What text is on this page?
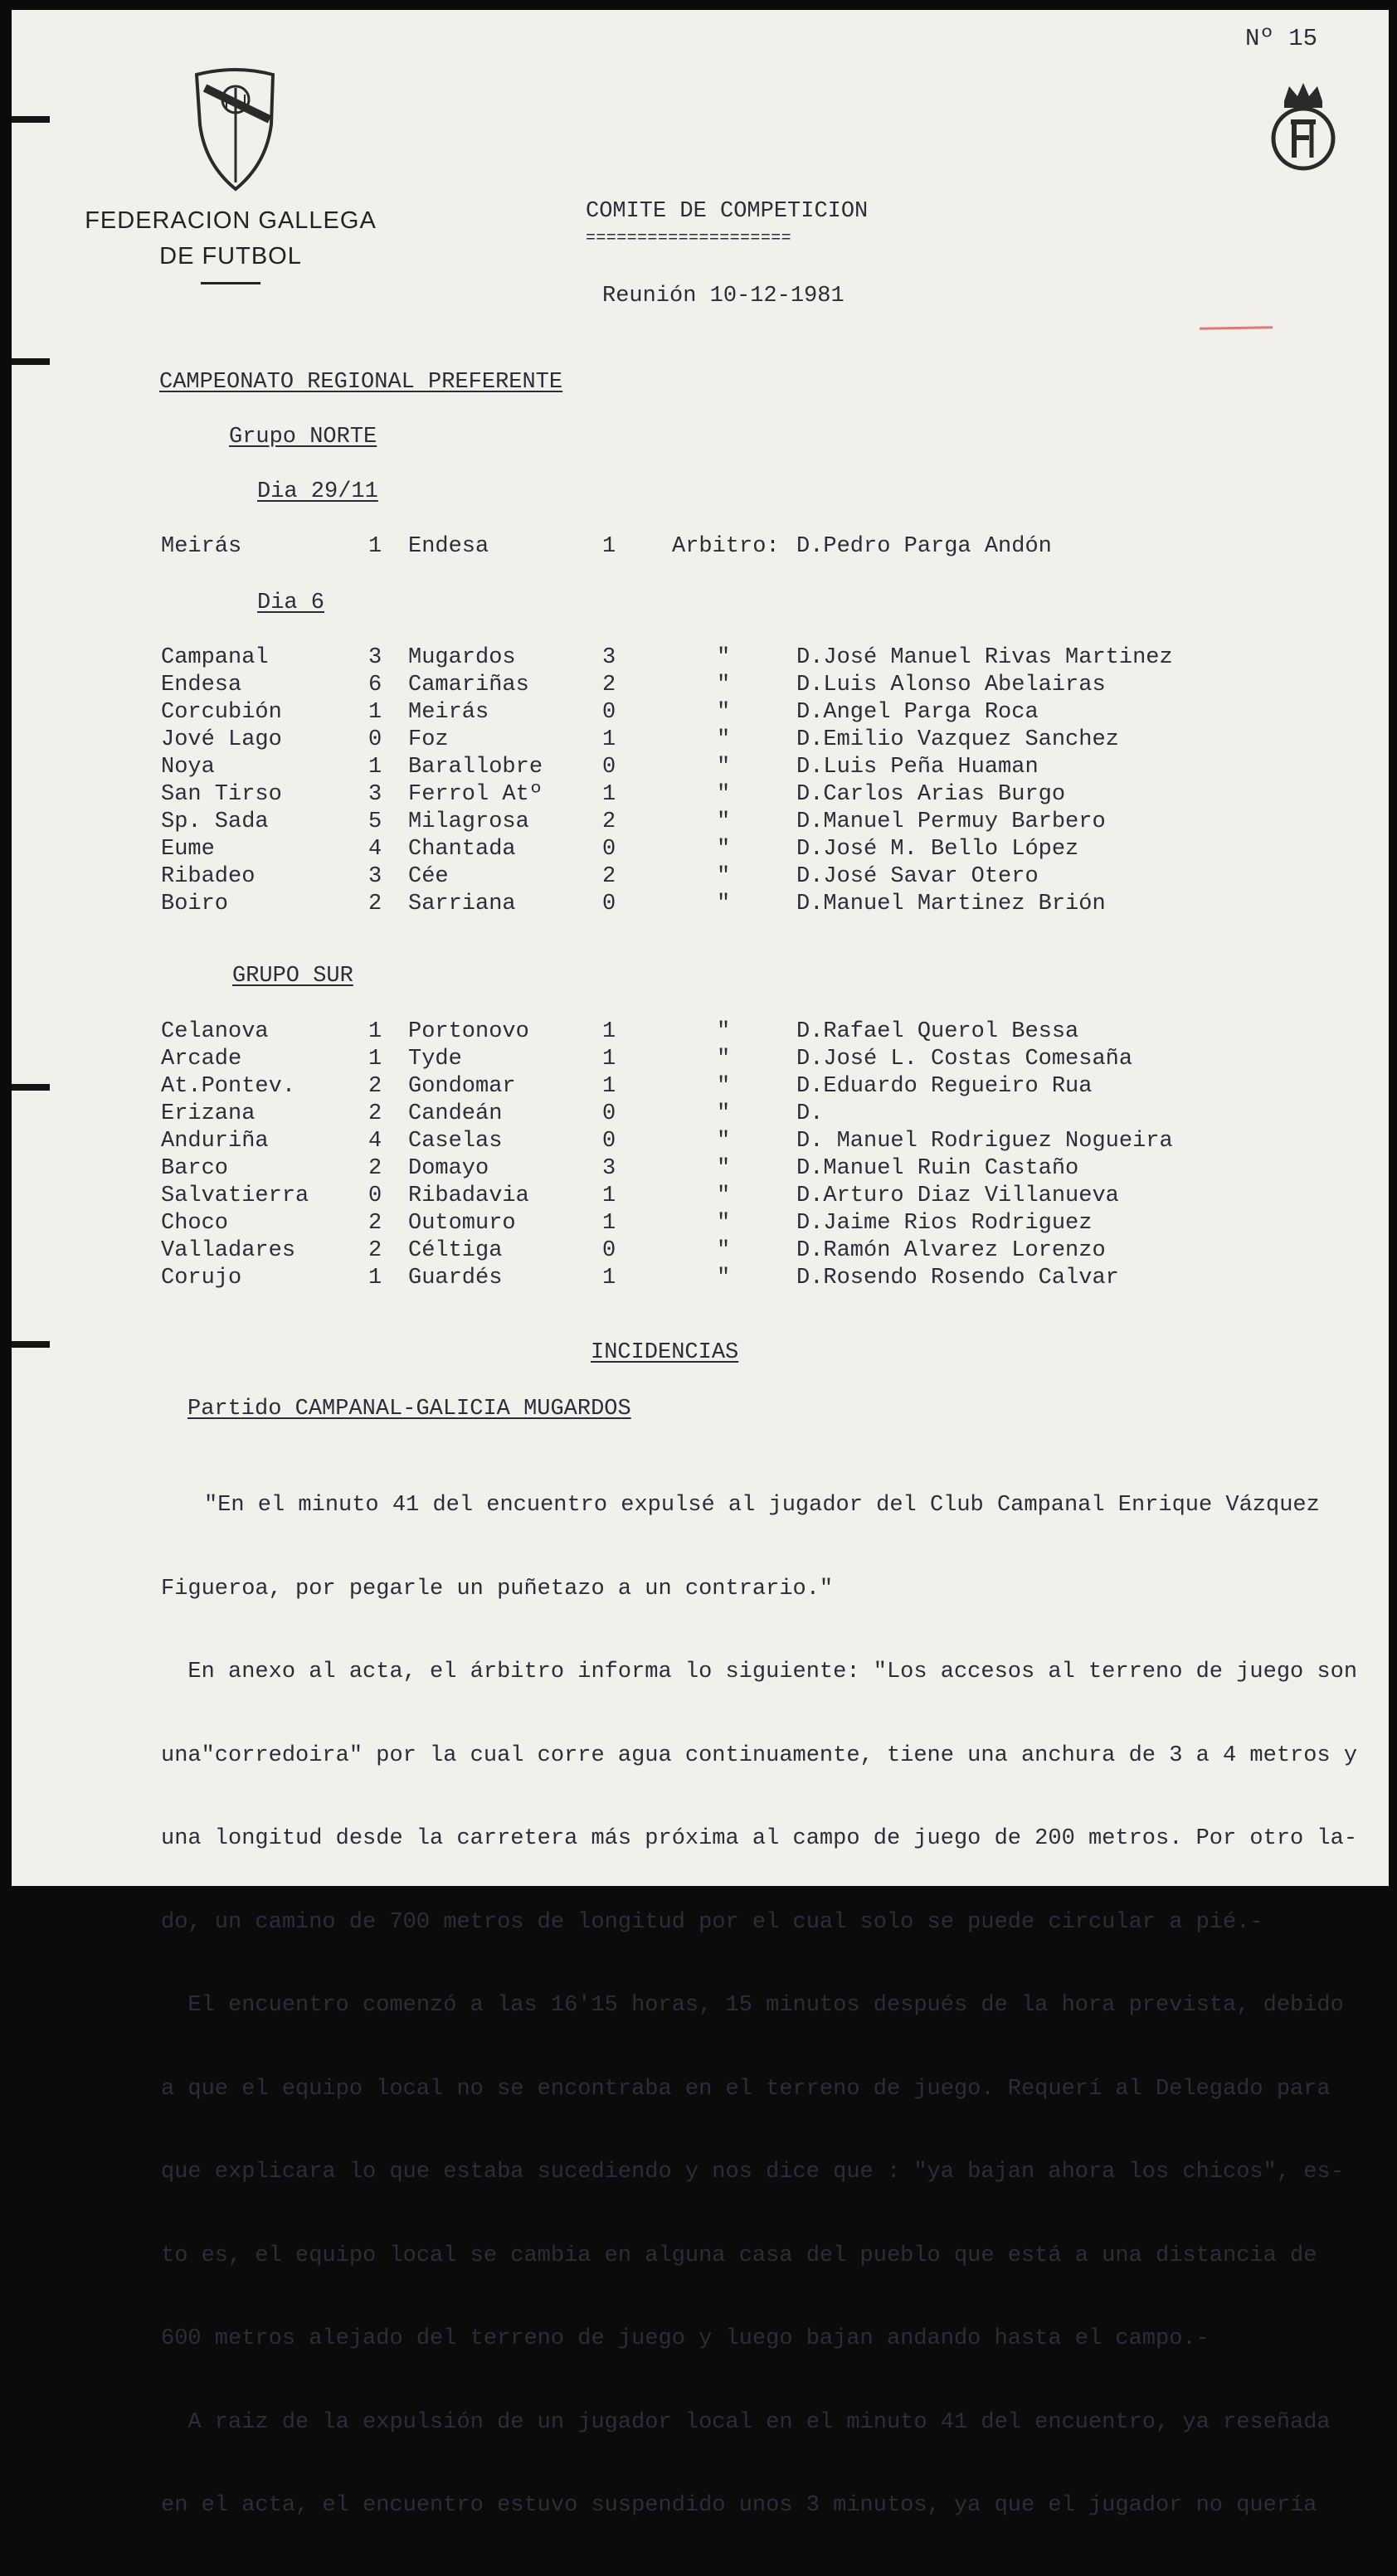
Nº 15
FEDERACION GALLEGA
DE FUTBOL
COMITE DE COMPETICION
====================
Reunión 10-12-1981
CAMPEONATO REGIONAL PREFERENTE
Grupo NORTE
Dia 29/11
Meirás	1 Endesa	1	Arbitro: D.Pedro Parga Andón
Dia 6
Campanal	3 Mugardos	3	"	D.José Manuel Rivas Martinez
Endesa	6 Camariñas	2	"	D.Luis Alonso Abelairas
Corcubión	1 Meirás	0	"	D.Angel Parga Roca
Jové Lago	0 Foz	1	"	D.Emilio Vazquez Sanchez
Noya	1 Barallobre	0	"	D.Luis Peña Huaman
San Tirso	3 Ferrol Atº	1	"	D.Carlos Arias Burgo
Sp. Sada	5 Milagrosa	2	"	D.Manuel Permuy Barbero
Eume	4 Chantada	0	"	D.José M. Bello López
Ribadeo	3 Cée	2	"	D.José Savar Otero
Boiro	2 Sarriana	0	"	D.Manuel Martinez Brión
GRUPO SUR
Celanova	1 Portonovo	1	"	D.Rafael Querol Bessa
Arcade	1 Tyde	1	"	D.José L. Costas Comesaña
At.Pontev.	2 Gondomar	1	"	D.Eduardo Regueiro Rua
Erizana	2 Candeán	0	"	D.
Anduriña	4 Caselas	0	"	D. Manuel Rodriguez Nogueira
Barco	2 Domayo	3	"	D.Manuel Ruin Castaño
Salvatierra	0 Ribadavia	1	"	D.Arturo Diaz Villanueva
Choco	2 Outomuro	1	"	D.Jaime Rios Rodriguez
Valladares	2 Céltiga	0	"	D.Ramón Alvarez Lorenzo
Corujo	1 Guardés	1	"	D.Rosendo Rosendo Calvar
INCIDENCIAS
Partido CAMPANAL-GALICIA MUGARDOS

"En el minuto 41 del encuentro expulsé al jugador del Club Campanal Enrique Vázquez

Figueroa, por pegarle un puñetazo a un contrario."

En anexo al acta, el árbitro informa lo siguiente: "Los accesos al terreno de juego son

una"corredoira" por la cual corre agua continuamente, tiene una anchura de 3 a 4 metros y

una longitud desde la carretera más próxima al campo de juego de 200 metros. Por otro la-

do, un camino de 700 metros de longitud por el cual solo se puede circular a pié.-

El encuentro comenzó a las 16'15 horas, 15 minutos después de la hora prevista, debido

a que el equipo local no se encontraba en el terreno de juego. Requerí al Delegado para

que explicara lo que estaba sucediendo y nos dice que : "ya bajan ahora los chicos", es-

to es, el equipo local se cambia en alguna casa del pueblo que está a una distancia de

600 metros alejado del terreno de juego y luego bajan andando hasta el campo.-

A raiz de la expulsión de un jugador local en el minuto 41 del encuentro, ya reseñada

en el acta, el encuentro estuvo suspendido unos 3 minutos, ya que el jugador no quería
